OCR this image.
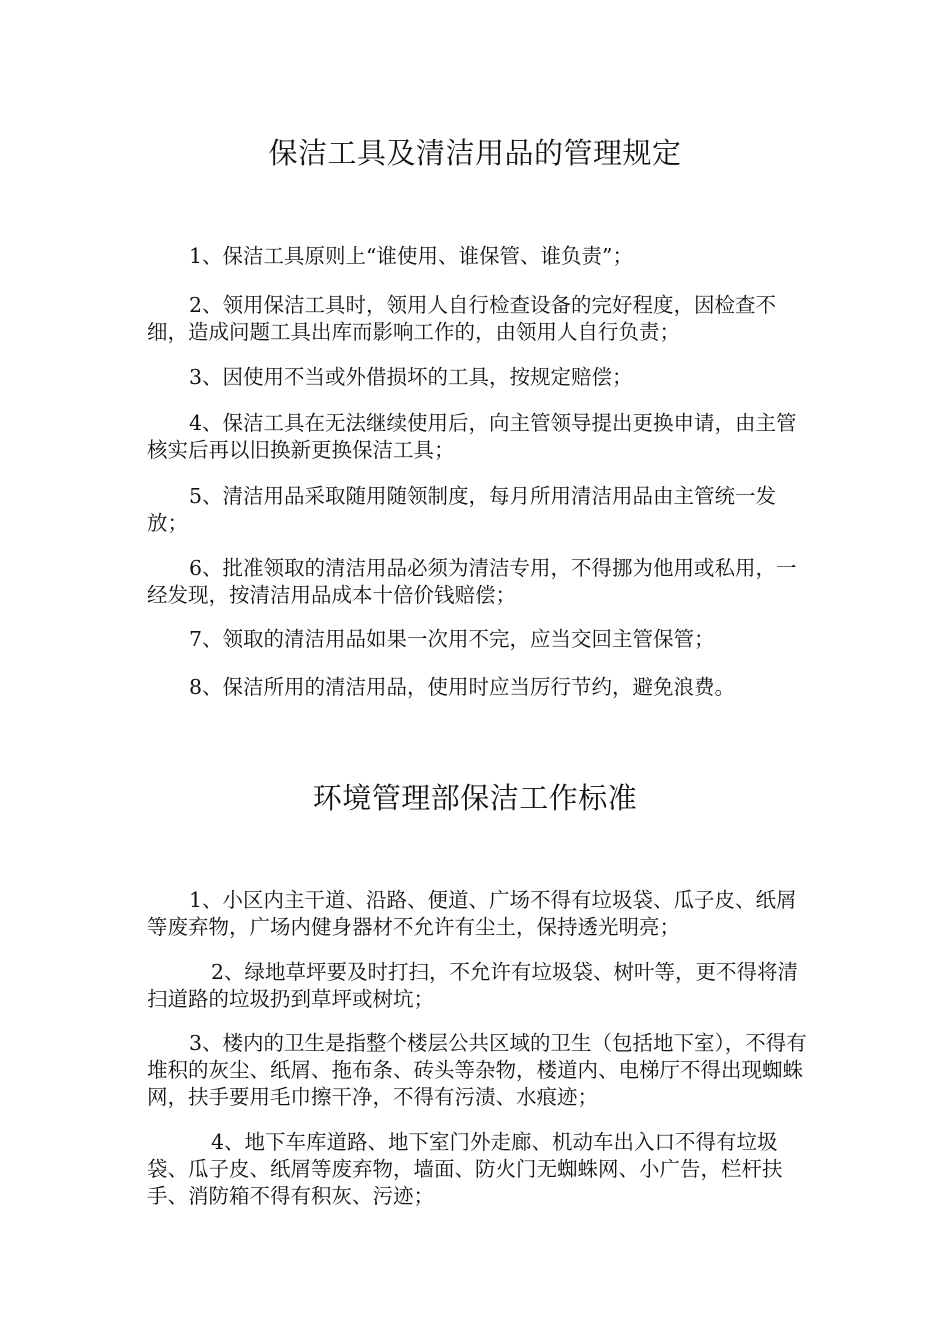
保洁工具及清洁用品的管理规定

1、保洁工具原则上“谁使用、谁保管、谁负责”；

2、领用保洁工具时，领用人自行检查设备的完好程度，因检查不细，造成问题工具出库而影响工作的，由领用人自行负责；

3、因使用不当或外借损坏的工具，按规定赔偿；

4、保洁工具在无法继续使用后，向主管领导提出更换申请，由主管核实后再以旧换新更换保洁工具；

5、清洁用品采取随用随领制度，每月所用清洁用品由主管统一发放；

6、批准领取的清洁用品必须为清洁专用，不得挪为他用或私用，一经发现，按清洁用品成本十倍价钱赔偿；

7、领取的清洁用品如果一次用不完，应当交回主管保管；

8、保洁所用的清洁用品，使用时应当厉行节约，避免浪费。

环境管理部保洁工作标准

1、小区内主干道、沿路、便道、广场不得有垃圾袋、瓜子皮、纸屑等废弃物，广场内健身器材不允许有尘土，保持透光明亮；

2、绿地草坪要及时打扫，不允许有垃圾袋、树叶等，更不得将清扫道路的垃圾扔到草坪或树坑；

3、楼内的卫生是指整个楼层公共区域的卫生（包括地下室），不得有堆积的灰尘、纸屑、拖布条、砖头等杂物，楼道内、电梯厅不得出现蜘蛛网，扶手要用毛巾擦干净，不得有污渍、水痕迹；

4、地下车库道路、地下室门外走廊、机动车出入口不得有垃圾袋、瓜子皮、纸屑等废弃物，墙面、防火门无蜘蛛网、小广告，栏杆扶手、消防箱不得有积灰、污迹；
